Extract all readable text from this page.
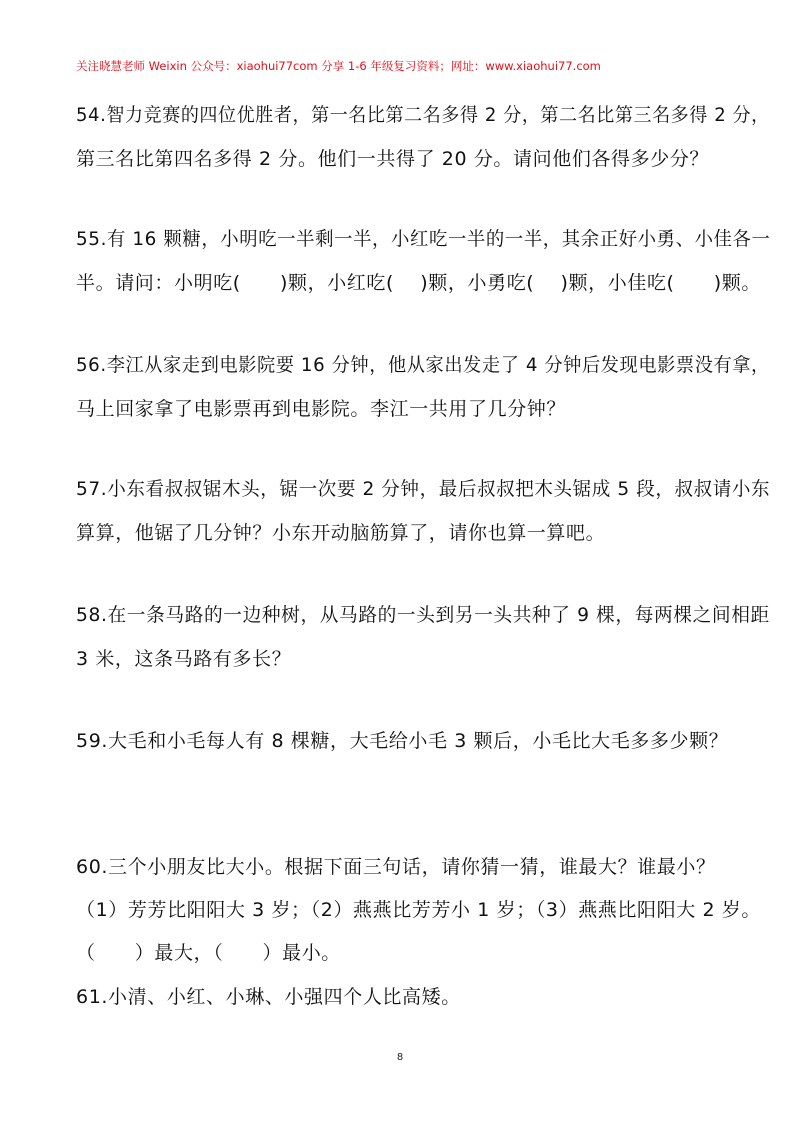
关注晓慧老师 Weixin 公众号：xiaohui77com 分享 1-6 年级复习资料；网址：www.xiaohui77.com
54.智力竞赛的四位优胜者，第一名比第二名多得 2 分，第二名比第三名多得 2 分，
第三名比第四名多得 2 分。他们一共得了 20 分。请问他们各得多少分？
55.有 16 颗糖，小明吃一半剩一半，小红吃一半的一半，其余正好小勇、小佳各一
半。请问：小明吃(　　)颗，小红吃(　 )颗，小勇吃(　 )颗，小佳吃(　　)颗。
56.李江从家走到电影院要 16 分钟，他从家出发走了 4 分钟后发现电影票没有拿，
马上回家拿了电影票再到电影院。李江一共用了几分钟？
57.小东看叔叔锯木头，锯一次要 2 分钟，最后叔叔把木头锯成 5 段，叔叔请小东
算算，他锯了几分钟？小东开动脑筋算了，请你也算一算吧。
58.在一条马路的一边种树，从马路的一头到另一头共种了 9 棵，每两棵之间相距
3 米，这条马路有多长？
59.大毛和小毛每人有 8 棵糖，大毛给小毛 3 颗后，小毛比大毛多多少颗？
60.三个小朋友比大小。根据下面三句话，请你猜一猜，谁最大？谁最小？
（1）芳芳比阳阳大 3 岁；（2）燕燕比芳芳小 1 岁；（3）燕燕比阳阳大 2 岁。
（　　）最大，（　　）最小。
61.小清、小红、小琳、小强四个人比高矮。
8
